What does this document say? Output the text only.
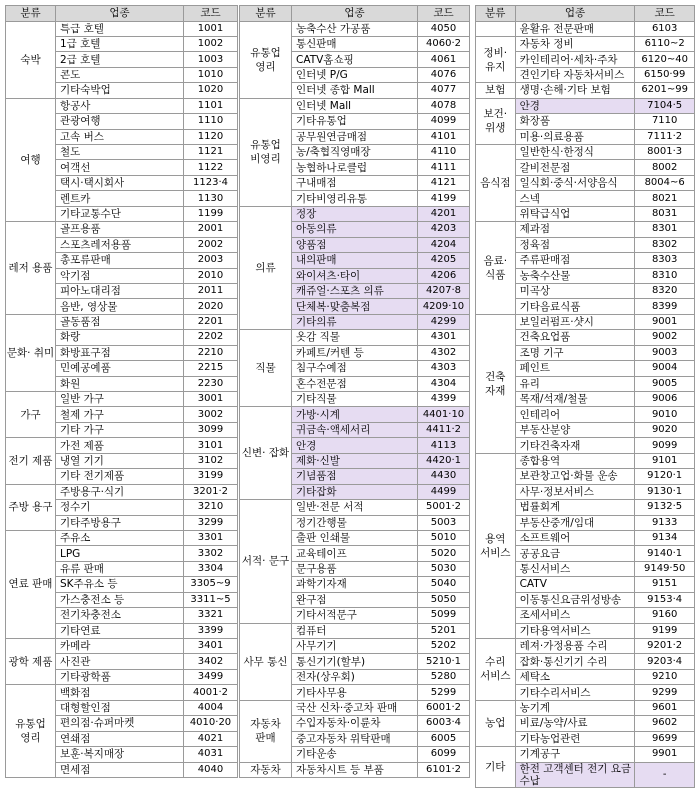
분류	업종	코드
숙박	특급 호텔	1001
	1급 호텔	1002
	2급 호텔	1003
	콘도	1010
	기타숙박업	1020
여행	항공사	1101
	관광여행	1110
	고속 버스	1120
	철도	1121
	여객선	1122
	택시·택시회사	1123·4
	렌트카	1130
	기타교통수단	1199
레저 용품	골프용품	2001
	스포츠레저용품	2002
	총포류판매	2003
	악기점	2010
	피아노대리점	2011
	음반, 영상물	2020
문화· 취미	골동품점	2201
	화랑	2202
	화방표구점	2210
	민예공예품	2215
	화원	2230
가구	일반 가구	3001
	철제 가구	3002
	기타 가구	3099
전기 제품	가전 제품	3101
	냉열 기기	3102
	기타 전기제품	3199
주방 용구	주방용구·식기	3201·2
	정수기	3210
	기타주방용구	3299
연료 판매	주유소	3301
	LPG	3302
	유류 판매	3304
	SK주유소 등	3305~9
	가스충전소 등	3311~5
	전기차충전소	3321
	기타연료	3399
광학 제품	카메라	3401
	사진관	3402
	기타광학품	3499
유통업 영리	백화점	4001·2
	대형할인점	4004
	편의점·슈퍼마켓	4010·20
	연쇄점	4021
	보훈·복지매장	4031
	면세점	4040

분류	업종	코드
유통업 영리	농축수산 가공품	4050
	통신판매	4060·2
	CATV홈쇼핑	4061
	인터넷 P/G	4076
	인터넷 종합 Mall	4077
유통업 비영리	인터넷 Mall	4078
	기타유통업	4099
	공무원연금매점	4101
	농/축협직영매장	4110
	농협하나로클럽	4111
	구내매점	4121
	기타비영리유통	4199
의류	정장	4201
	아동의류	4203
	양품점	4204
	내의판매	4205
	와이셔츠·타이	4206
	캐쥬얼·스포츠 의류	4207·8
	단체복·맞춤복점	4209·10
	기타의류	4299
직물	옷감 직물	4301
	카페트/커텐 등	4302
	침구수예점	4303
	혼수전문점	4304
	기타직물	4399
신변· 잡화	가방·시계	4401·10
	귀금속·액세서리	4411·2
	안경	4113
	제화·신발	4420·1
	기념품점	4430
	기타잡화	4499
서적· 문구	일반·전문 서적	5001·2
	정기간행물	5003
	출판 인쇄물	5010
	교육테이프	5020
	문구용품	5030
	과학기자재	5040
	완구점	5050
	기타서적문구	5099
사무 통신	컴퓨터	5201
	사무기기	5202
	통신기기(할부)	5210·1
	전자(상우회)	5280
	기타사무용	5299
자동차 판매	국산 신차·중고차 판매	6001·2
	수입자동차·이륜차	6003·4
	중고자동차 위탁판매	6005
	기타운송	6099
자동차	자동차시트 등 부품	6101·2

분류	업종	코드
	윤활유 전문판매	6103
정비· 유지	자동차 정비	6110~2
	카인테리어·세차·주차	6120~40
	견인기타 자동차서비스	6150·99
보험	생명·손해·기타 보험	6201~99
보건· 위생	안경	7104·5
	화장품	7110
	미용·의료용품	7111·2
음식점	일반한식·한정식	8001·3
	갈비전문점	8002
	일식회·중식·서양음식	8004~6
	스넥	8021
	위탁급식업	8031
음료· 식품	제과점	8301
	정육점	8302
	주류판매점	8303
	농축수산물	8310
	미곡상	8320
	기타음료식품	8399
건축 자재	보일러펌프·샷시	9001
	건축요업품	9002
	조명 기구	9003
	페인트	9004
	유리	9005
	목재/석재/철물	9006
	인테리어	9010
	부동산분양	9020
	기타건축자재	9099
용역 서비스	종합용역	9101
	보관창고업·화물 운송	9120·1
	사무·정보서비스	9130·1
	법률회계	9132·5
	부동산중개/임대	9133
	소프트웨어	9134
	공공요금	9140·1
	통신서비스	9149·50
	CATV	9151
	이동통신요금위성방송	9153·4
	조세서비스	9160
	기타용역서비스	9199
수리 서비스	레져·가정용품 수리	9201·2
	잡화·통신기기 수리	9203·4
	세탁소	9210
	기타수리서비스	9299
농업	농기계	9601
	비료/농약/사료	9602
	기타농업관련	9699
기타	기계공구	9901
	한전 고객센터 전기 요금 수납	-
